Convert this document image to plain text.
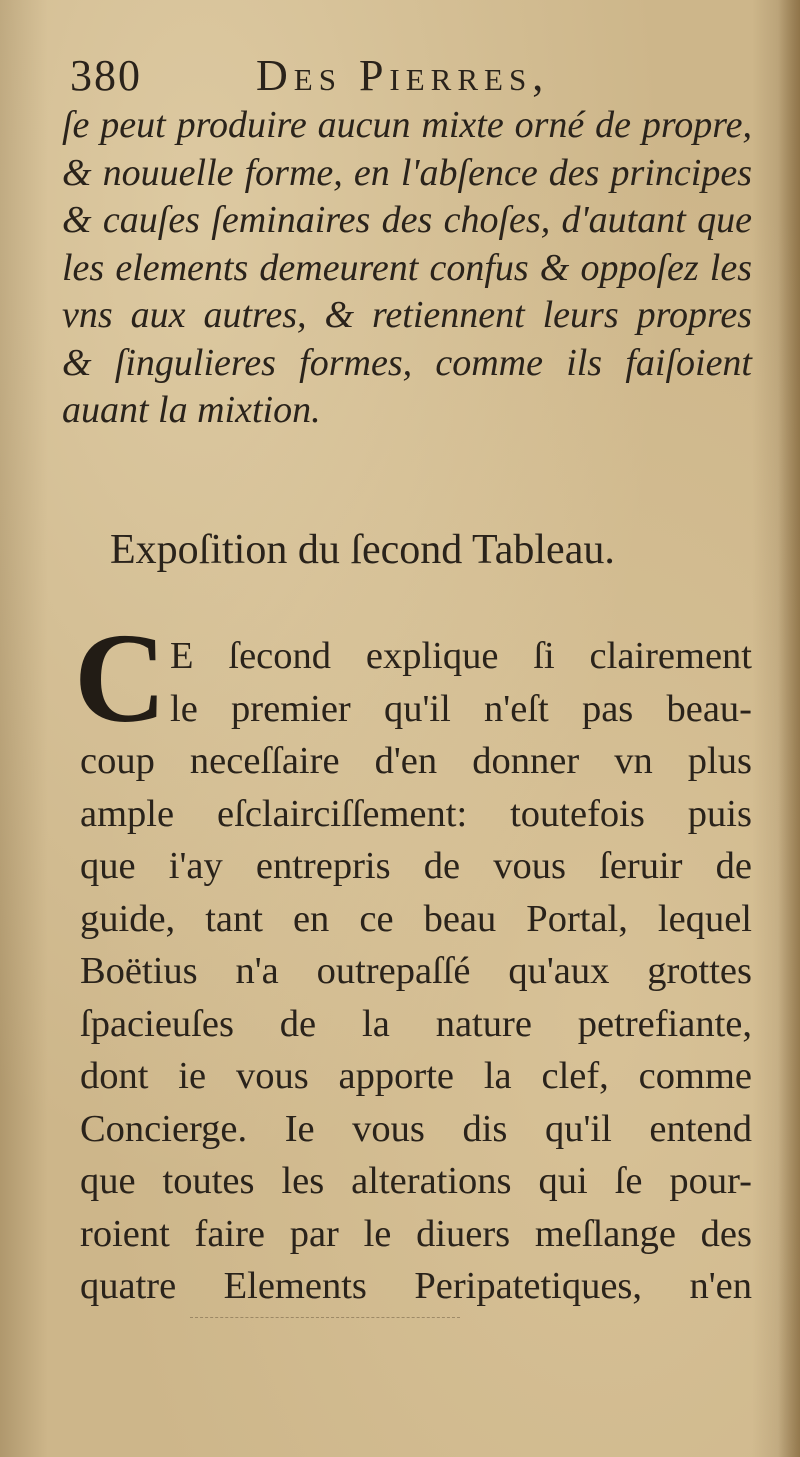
380	Des Pierres,
ſe peut produire aucun mixte orné de propre,
& nouuelle forme, en l'abſence des principes
& cauſes ſeminaires des choſes, d'autant que
les elements demeurent confus & oppoſez les
vns aux autres, & retiennent leurs propres
& ſingulieres formes, comme ils faiſoient
auant la mixtion.
Expoſition du ſecond Tableau.
C E ſecond explique ſi clairement
le premier qu'il n'eſt pas beau-
coup neceſſaire d'en donner vn plus
ample eſclairciſſement: toutefois puis
que i'ay entrepris de vous ſeruir de
guide, tant en ce beau Portal, lequel
Boëtius n'a outrepaſſé qu'aux grottes
ſpacieuſes de la nature petrefiante,
dont ie vous apporte la clef, comme
Concierge. Ie vous dis qu'il entend
que toutes les alterations qui ſe pour-
roient faire par le diuers meſlange des
quatre Elements Peripatetiques, n'en
